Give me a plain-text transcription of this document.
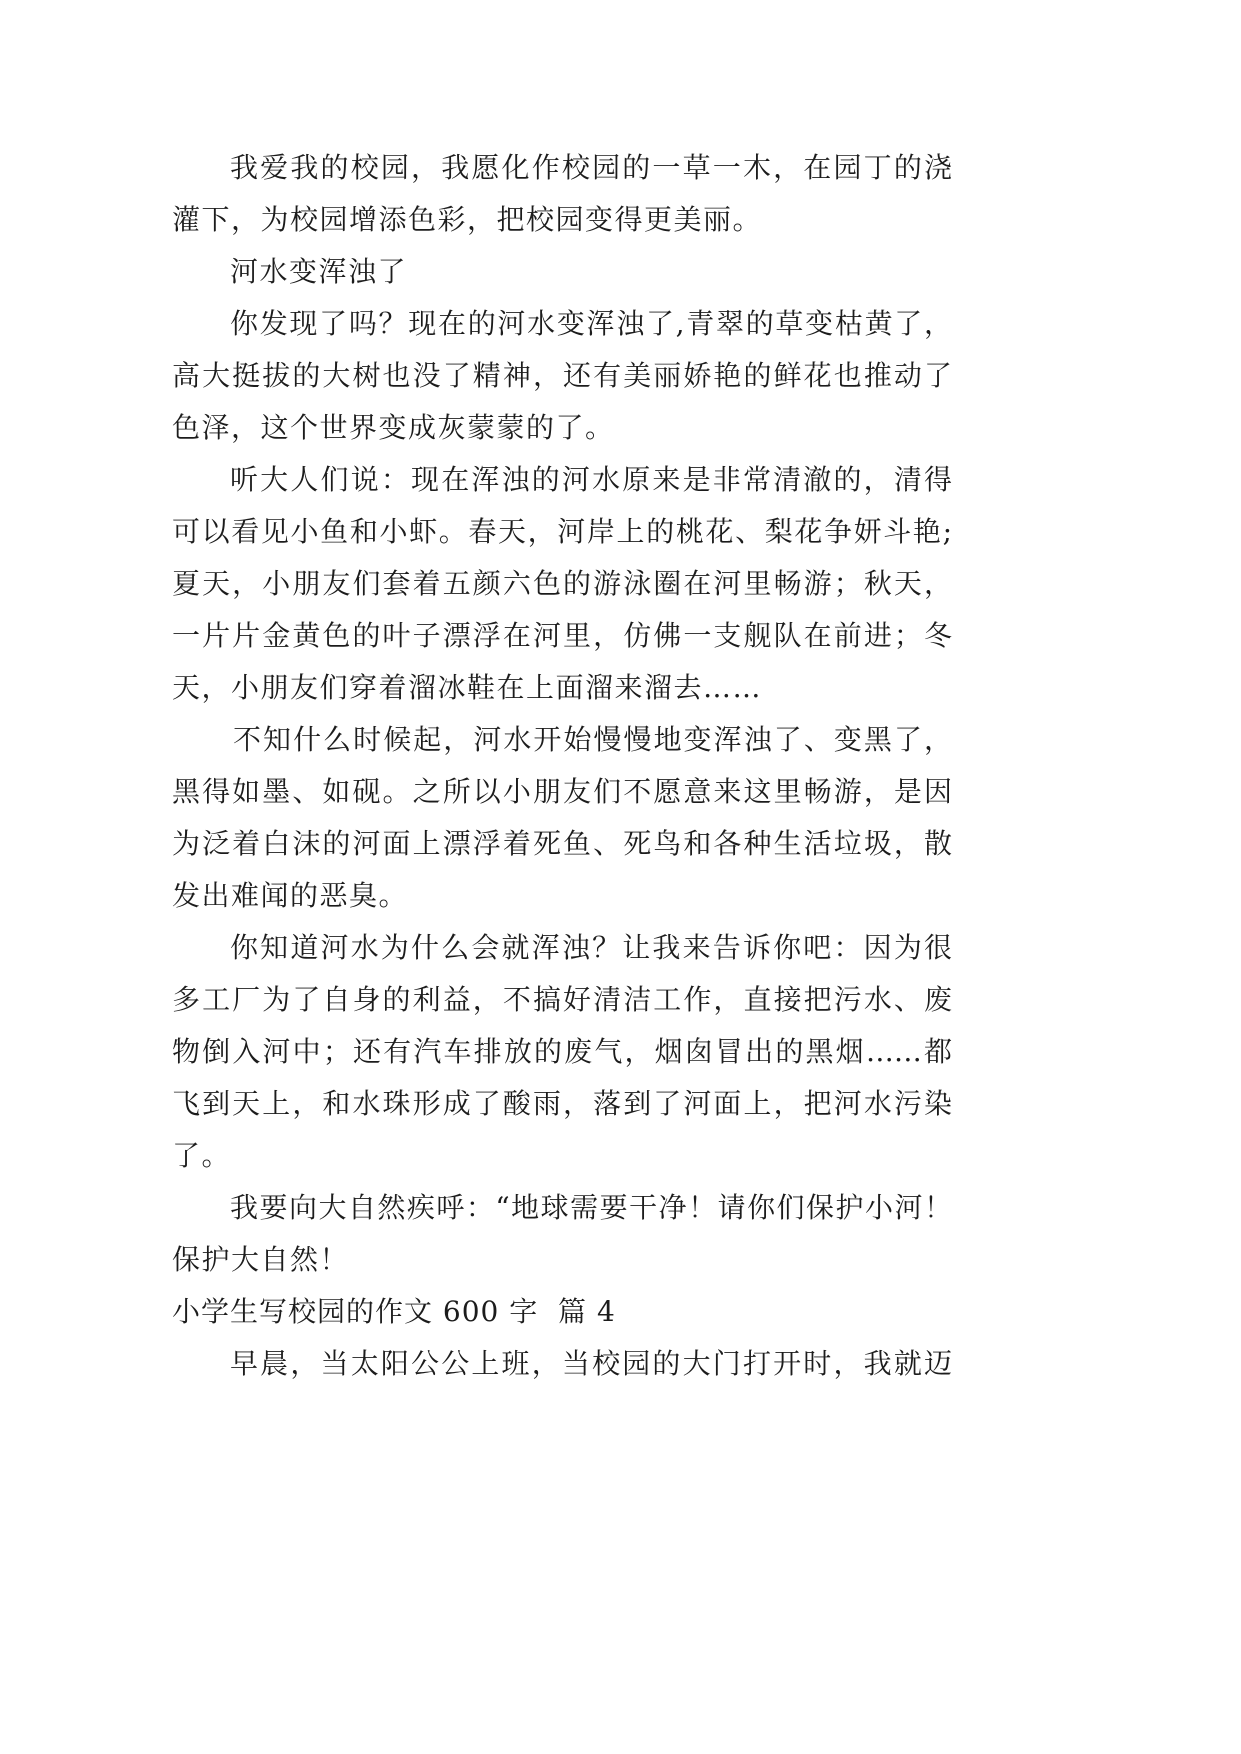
我爱我的校园，我愿化作校园的一草一木，在园丁的浇
灌下，为校园增添色彩，把校园变得更美丽。
河水变浑浊了
你发现了吗？现在的河水变浑浊了,青翠的草变枯黄了，
高大挺拔的大树也没了精神，还有美丽娇艳的鲜花也推动了
色泽，这个世界变成灰蒙蒙的了。
听大人们说：现在浑浊的河水原来是非常清澈的，清得
可以看见小鱼和小虾。春天，河岸上的桃花、梨花争妍斗艳;
夏天，小朋友们套着五颜六色的游泳圈在河里畅游；秋天，
一片片金黄色的叶子漂浮在河里，仿佛一支舰队在前进；冬
天，小朋友们穿着溜冰鞋在上面溜来溜去……
不知什么时候起，河水开始慢慢地变浑浊了、变黑了，
黑得如墨、如砚。之所以小朋友们不愿意来这里畅游，是因
为泛着白沫的河面上漂浮着死鱼、死鸟和各种生活垃圾，散
发出难闻的恶臭。
你知道河水为什么会就浑浊？让我来告诉你吧：因为很
多工厂为了自身的利益，不搞好清洁工作，直接把污水、废
物倒入河中；还有汽车排放的废气，烟囱冒出的黑烟……都
飞到天上，和水珠形成了酸雨，落到了河面上，把河水污染
了。
我要向大自然疾呼：“地球需要干净！请你们保护小河！
保护大自然！
小学生写校园的作文 600 字  篇 4
早晨，当太阳公公上班，当校园的大门打开时，我就迈
